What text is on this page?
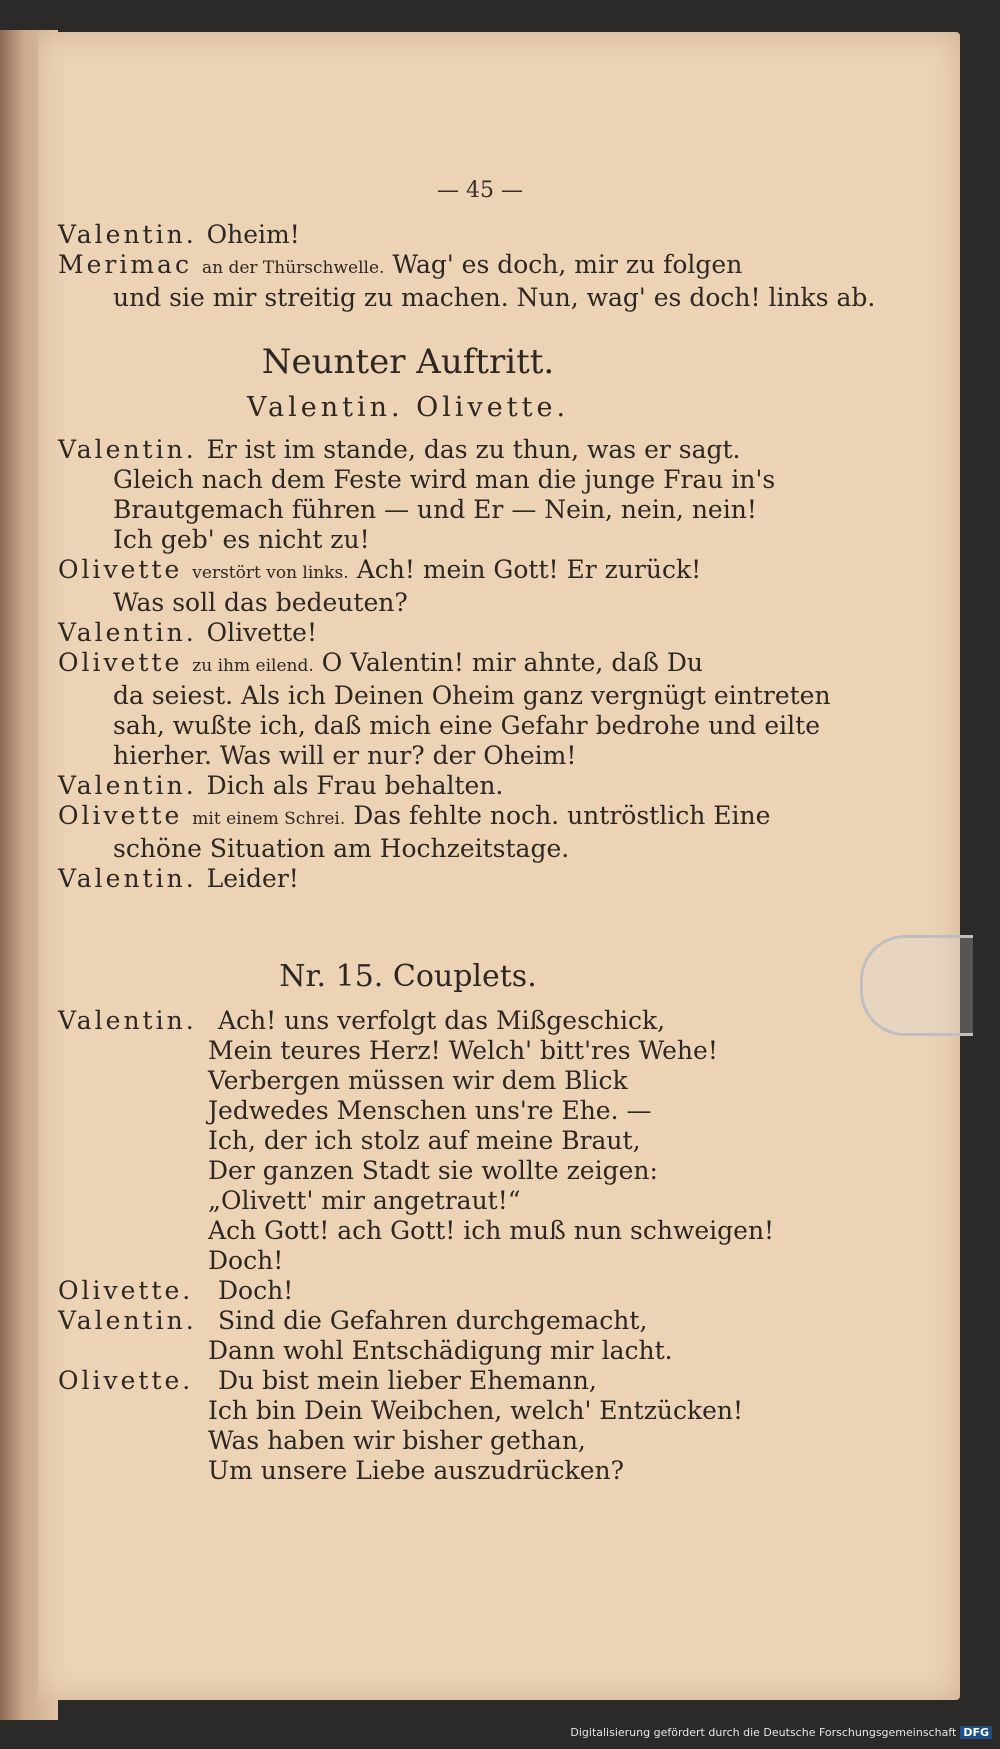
— 45 —
Valentin. Oheim!
Merimac an der Thürschwelle. Wag' es doch, mir zu folgen
und sie mir streitig zu machen. Nun, wag' es doch! links ab.
Neunter Auftritt.
Valentin. Olivette.
Valentin. Er ist im stande, das zu thun, was er sagt.
Gleich nach dem Feste wird man die junge Frau in's
Brautgemach führen — und Er — Nein, nein, nein!
Ich geb' es nicht zu!
Olivette verstört von links. Ach! mein Gott! Er zurück!
Was soll das bedeuten?
Valentin. Olivette!
Olivette zu ihm eilend. O Valentin! mir ahnte, daß Du
da seiest. Als ich Deinen Oheim ganz vergnügt eintreten
sah, wußte ich, daß mich eine Gefahr bedrohe und eilte
hierher. Was will er nur? der Oheim!
Valentin. Dich als Frau behalten.
Olivette mit einem Schrei. Das fehlte noch. untröstlich Eine
schöne Situation am Hochzeitstage.
Valentin. Leider!
Nr. 15. Couplets.
Valentin. Ach! uns verfolgt das Mißgeschick,
Mein teures Herz! Welch' bitt'res Wehe!
Verbergen müssen wir dem Blick
Jedwedes Menschen uns're Ehe. —
Ich, der ich stolz auf meine Braut,
Der ganzen Stadt sie wollte zeigen:
„Olivett' mir angetraut!“
Ach Gott! ach Gott! ich muß nun schweigen!
Doch!
Olivette. Doch!
Valentin. Sind die Gefahren durchgemacht,
Dann wohl Entschädigung mir lacht.
Olivette. Du bist mein lieber Ehemann,
Ich bin Dein Weibchen, welch' Entzücken!
Was haben wir bisher gethan,
Um unsere Liebe auszudrücken?
Digitalisierung gefördert durch die Deutsche Forschungsgemeinschaft DFG
